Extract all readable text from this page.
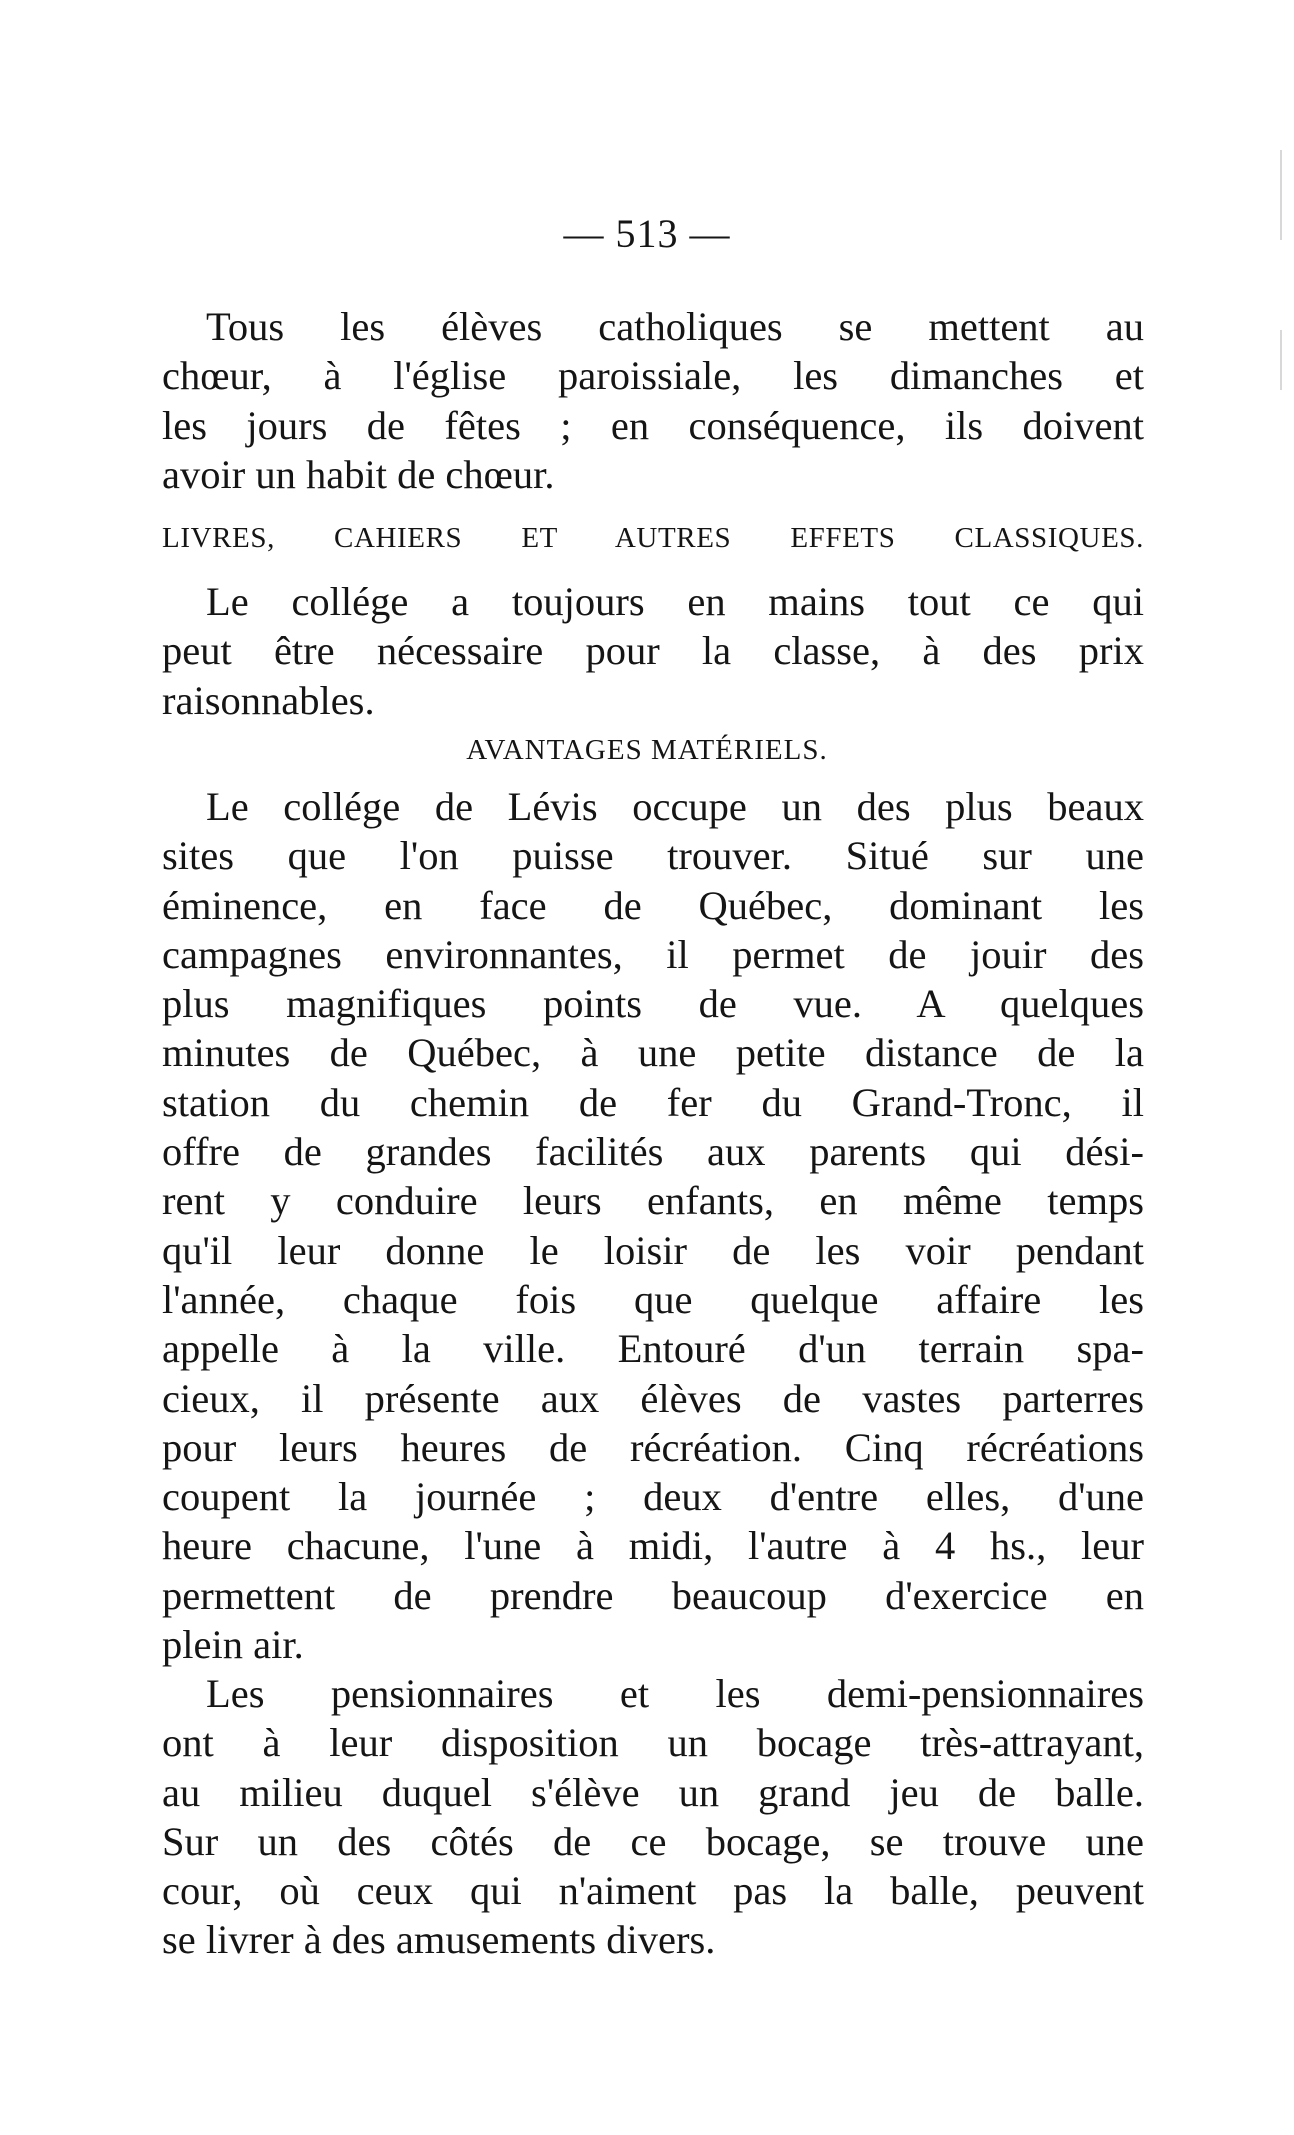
— 513 —
Tous les élèves catholiques se mettent au
chœur, à l'église paroissiale, les dimanches et
les jours de fêtes ; en conséquence, ils doivent
avoir un habit de chœur.
LIVRES, CAHIERS ET AUTRES EFFETS CLASSIQUES.
Le collége a toujours en mains tout ce qui
peut être nécessaire pour la classe, à des prix
raisonnables.
AVANTAGES MATÉRIELS.
Le collége de Lévis occupe un des plus beaux
sites que l'on puisse trouver. Situé sur une
éminence, en face de Québec, dominant les
campagnes environnantes, il permet de jouir des
plus magnifiques points de vue. A quelques
minutes de Québec, à une petite distance de la
station du chemin de fer du Grand-Tronc, il
offre de grandes facilités aux parents qui dési-
rent y conduire leurs enfants, en même temps
qu'il leur donne le loisir de les voir pendant
l'année, chaque fois que quelque affaire les
appelle à la ville. Entouré d'un terrain spa-
cieux, il présente aux élèves de vastes parterres
pour leurs heures de récréation. Cinq récréations
coupent la journée ; deux d'entre elles, d'une
heure chacune, l'une à midi, l'autre à 4 hs., leur
permettent de prendre beaucoup d'exercice en
plein air.
Les pensionnaires et les demi-pensionnaires
ont à leur disposition un bocage très-attrayant,
au milieu duquel s'élève un grand jeu de balle.
Sur un des côtés de ce bocage, se trouve une
cour, où ceux qui n'aiment pas la balle, peuvent
se livrer à des amusements divers.
